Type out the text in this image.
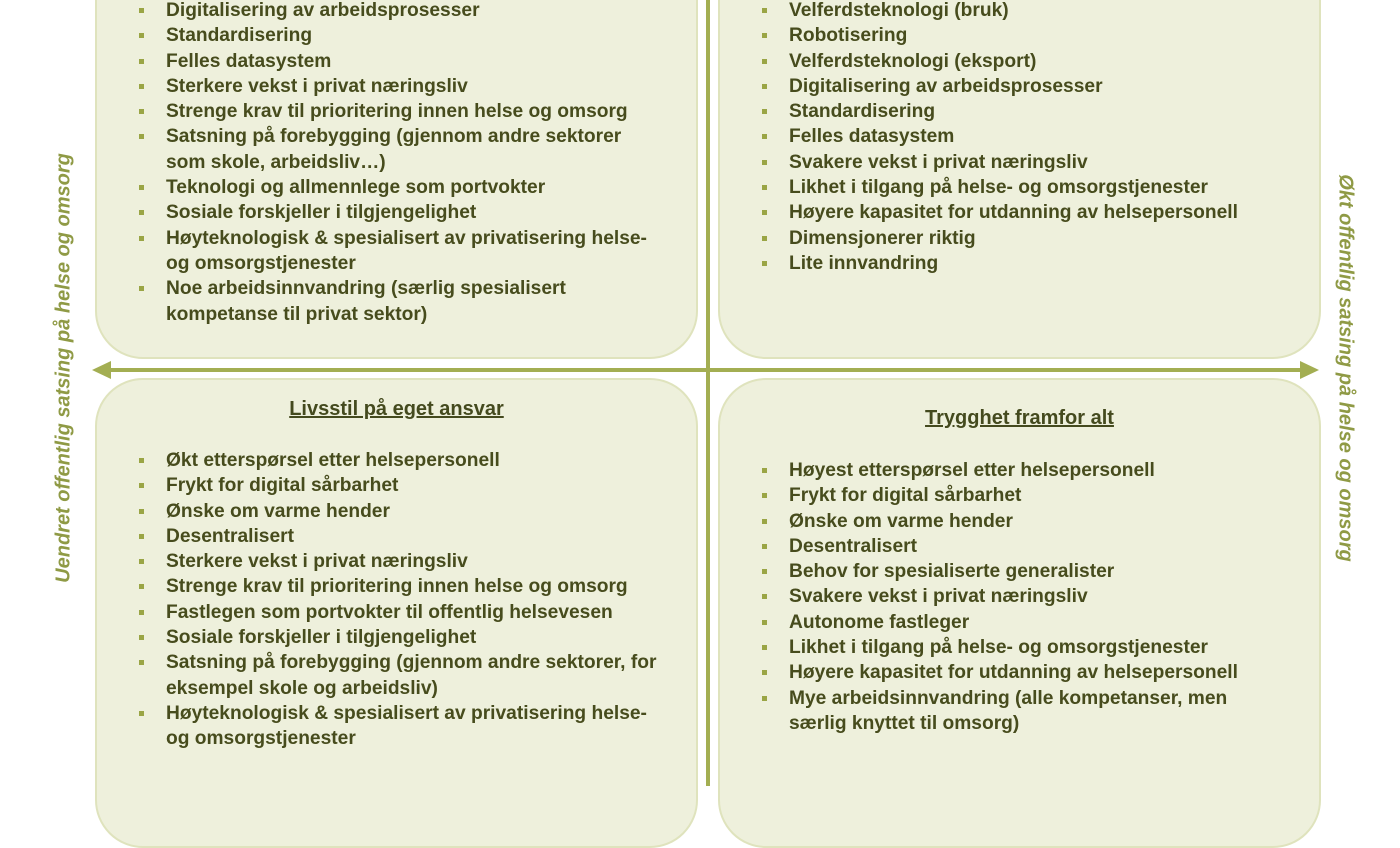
Digitalisering av arbeidsprosesser
Standardisering
Felles datasystem
Sterkere vekst i privat næringsliv
Strenge krav til prioritering innen helse og omsorg
Satsning på forebygging (gjennom andre sektorer som skole, arbeidsliv…)
Teknologi og allmennlege som portvokter
Sosiale forskjeller i tilgjengelighet
Høyteknologisk & spesialisert av privatisering helse- og omsorgstjenester
Noe arbeidsinnvandring (særlig spesialisert kompetanse til privat sektor)
Velferdsteknologi (bruk)
Robotisering
Velferdsteknologi (eksport)
Digitalisering av arbeidsprosesser
Standardisering
Felles datasystem
Svakere vekst i privat næringsliv
Likhet i tilgang på helse- og omsorgstjenester
Høyere kapasitet for utdanning av helsepersonell
Dimensjonerer riktig
Lite innvandring
Livsstil på eget ansvar
Økt etterspørsel etter helsepersonell
Frykt for digital sårbarhet
Ønske om varme hender
Desentralisert
Sterkere vekst i privat næringsliv
Strenge krav til prioritering innen helse og omsorg
Fastlegen som portvokter til offentlig helsevesen
Sosiale forskjeller i tilgjengelighet
Satsning på forebygging (gjennom andre sektorer, for eksempel skole og arbeidsliv)
Høyteknologisk & spesialisert av privatisering helse- og omsorgstjenester
Trygghet framfor alt
Høyest etterspørsel etter helsepersonell
Frykt for digital sårbarhet
Ønske om varme hender
Desentralisert
Behov for spesialiserte generalister
Svakere vekst i privat næringsliv
Autonome fastleger
Likhet i tilgang på helse- og omsorgstjenester
Høyere kapasitet for utdanning av helsepersonell
Mye arbeidsinnvandring (alle kompetanser, men særlig knyttet til omsorg)
Uendret offentlig satsing på helse og omsorg	Økt offentlig satsing på helse og omsorg
